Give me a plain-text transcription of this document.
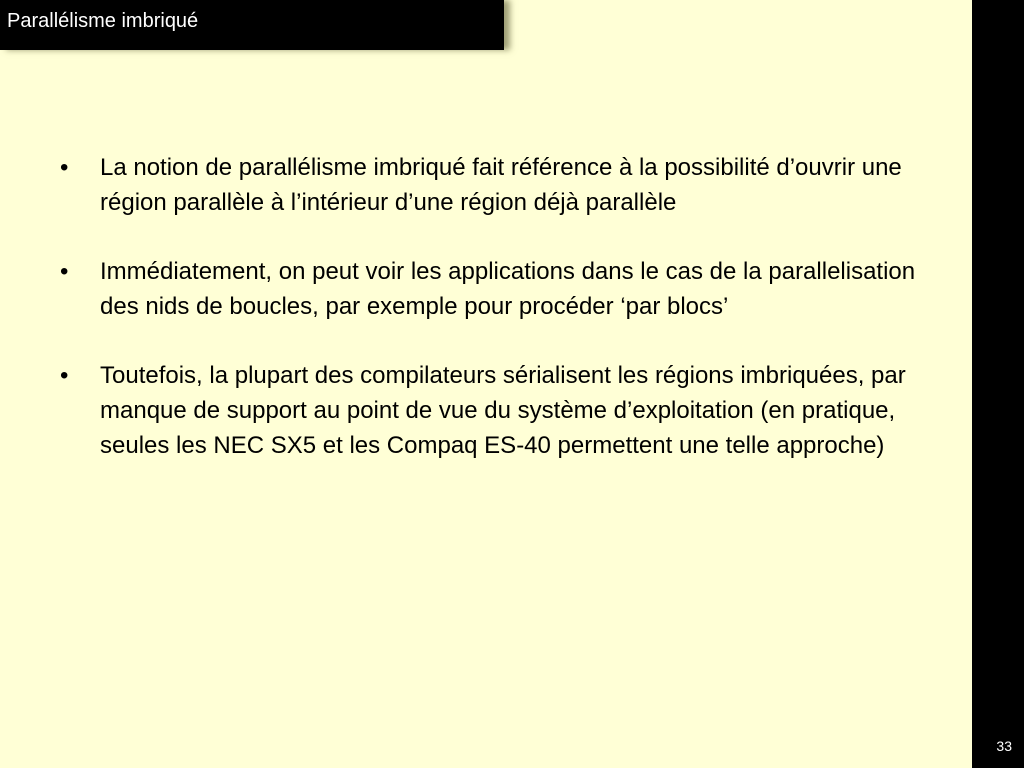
Parallélisme imbriqué
• La notion de parallélisme imbriqué fait référence à la possibilité d’ouvrir une région parallèle à l’intérieur d’une région déjà parallèle
• Immédiatement, on peut voir les applications dans le cas de la parallelisation des nids de boucles, par exemple pour procéder ‘par blocs’
• Toutefois, la plupart des compilateurs sérialisent les régions imbriquées, par manque de support au point de vue du système d’exploitation (en pratique, seules les NEC SX5 et les Compaq ES-40 permettent une telle approche)
33
